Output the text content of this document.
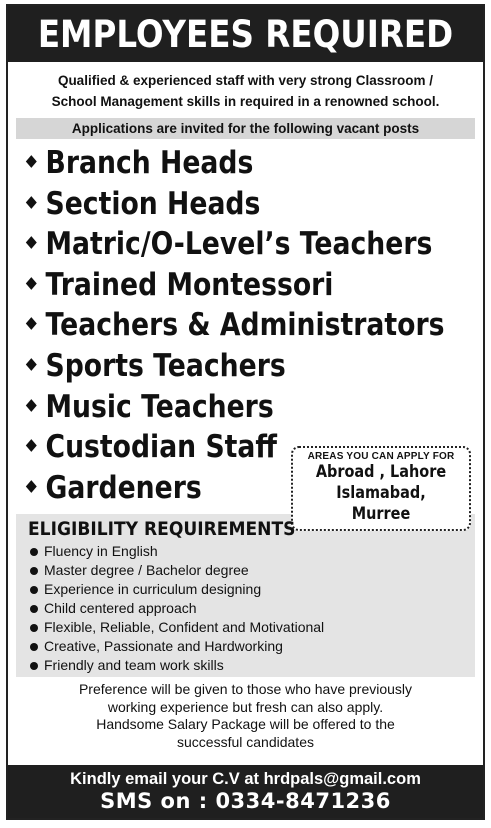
EMPLOYEES REQUIRED
Qualified & experienced staff with very strong Classroom /
School Management skills in required in a renowned school.
Applications are invited for the following vacant posts
Branch Heads
Section Heads
Matric/O-Level’s Teachers
Trained Montessori
Teachers & Administrators
Sports Teachers
Music Teachers
Custodian Staff
Gardeners
AREAS YOU CAN APPLY FOR
Abroad , Lahore
Islamabad, Murree
ELIGIBILITY REQUIREMENTS
Fluency in English
Master degree / Bachelor degree
Experience in curriculum designing
Child centered approach
Flexible, Reliable, Confident and Motivational
Creative, Passionate and Hardworking
Friendly and team work skills
Preference will be given to those who have previously
working experience but fresh can also apply.
Handsome Salary Package will be offered to the
successful candidates
Kindly email your C.V at hrdpals@gmail.com
SMS on : 0334-8471236
